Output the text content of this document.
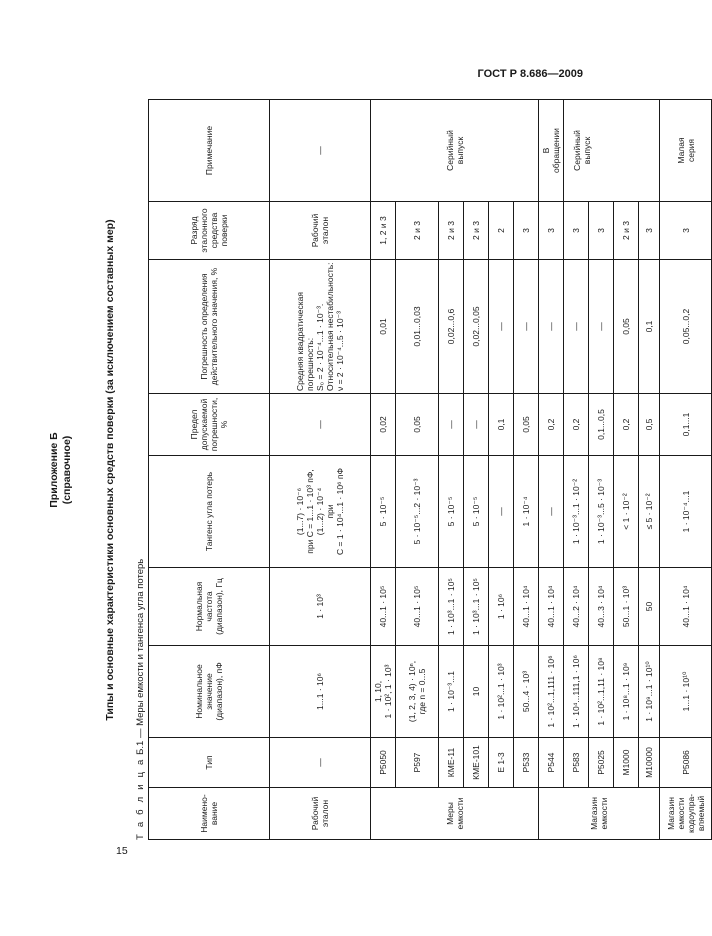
ГОСТ Р 8.686—2009
Приложение Б (справочное)	Типы и основные характеристики основных средств поверки (за исключением составных мер)
Т а б л и ц а Б.1 — Меры емкости и тангенса угла потерь
Наимено-
вание	Тип	Номинальное
значение
(диапазон), пФ	Нормальная
частота
(диапазон), Гц	Тангенс угла потерь	Предел
допускаемой
погрешности,
%	Погрешность определения
действительного значения, %	Разряд
эталонного
средства
поверки	Примечание
Рабочий
эталон	—	1...1 · 10⁶	1 · 10³	(1...7) · 10⁻⁶
при С = 1...1 · 10³ пФ,
(1...2) · 10⁻⁴
при
С = 1 · 10⁴...1 · 10⁶ пФ	—	Средняя квадратическая
погрешность:
S₀ = 2 · 10⁻⁴...1 · 10⁻³.
Относительная нестабильность:
ν = 2 · 10⁻⁴...5 · 10⁻³	Рабочий
эталон	—
Меры
емкости	Р5050	1, 10,
1 · 10², 1 · 10³	40...1 · 10⁵	5 · 10⁻⁵	0,02	0,01	1, 2 и 3	Серийный
выпуск
	Р597	(1, 2, 3, 4) · 10ⁿ,
где n = 0...5	40...1 · 10⁵	5 · 10⁻⁵...2 · 10⁻³	0,05	0,01...0,03	2 и 3	
	КМЕ-11	1 · 10⁻³...1	1 · 10³...1 · 10⁵	5 · 10⁻⁵	—	0,02...0,6	2 и 3	
	КМЕ-101	10	1 · 10³...1 · 10⁵	5 · 10⁻⁵	—	0,02...0,05	2 и 3	
	Е 1-3	1 · 10²...1 · 10³	1 · 10⁶	—	0,1	—	2	
	Р533	50...4 · 10³	40...1 · 10⁴	1 · 10⁻⁴	0,05	—	3	
Магазин
емкости	Р544	1 · 10²...1,111 · 10⁶	40...1 · 10⁴	—	0,2	—	3	В
обращении
	Р583	1 · 10⁴...111,1 · 10⁶	40...2 · 10⁴	1 · 10⁻³...1 · 10⁻²	0,2	—	3	Серийный
выпуск
	Р5025	1 · 10²...1,11 · 10⁸	40...3 · 10⁴	1 · 10⁻³...5 · 10⁻³	0,1...0,5	—	3	
	М1000	1 · 10⁸...1 · 10⁹	50...1 · 10³	< 1 · 10⁻²	0,2	0,05	2 и 3	
	М10000	1 · 10⁹...1 · 10¹⁰	50	≤ 5 · 10⁻²	0,5	0,1	3	
Магазин
емкости
кодоупра-
вляемый	Р5086	1...1 · 10¹⁰	40...1 · 10⁴	1 · 10⁻⁴...1	0,1...1	0,05...0,2	3	Малая
серия
15
